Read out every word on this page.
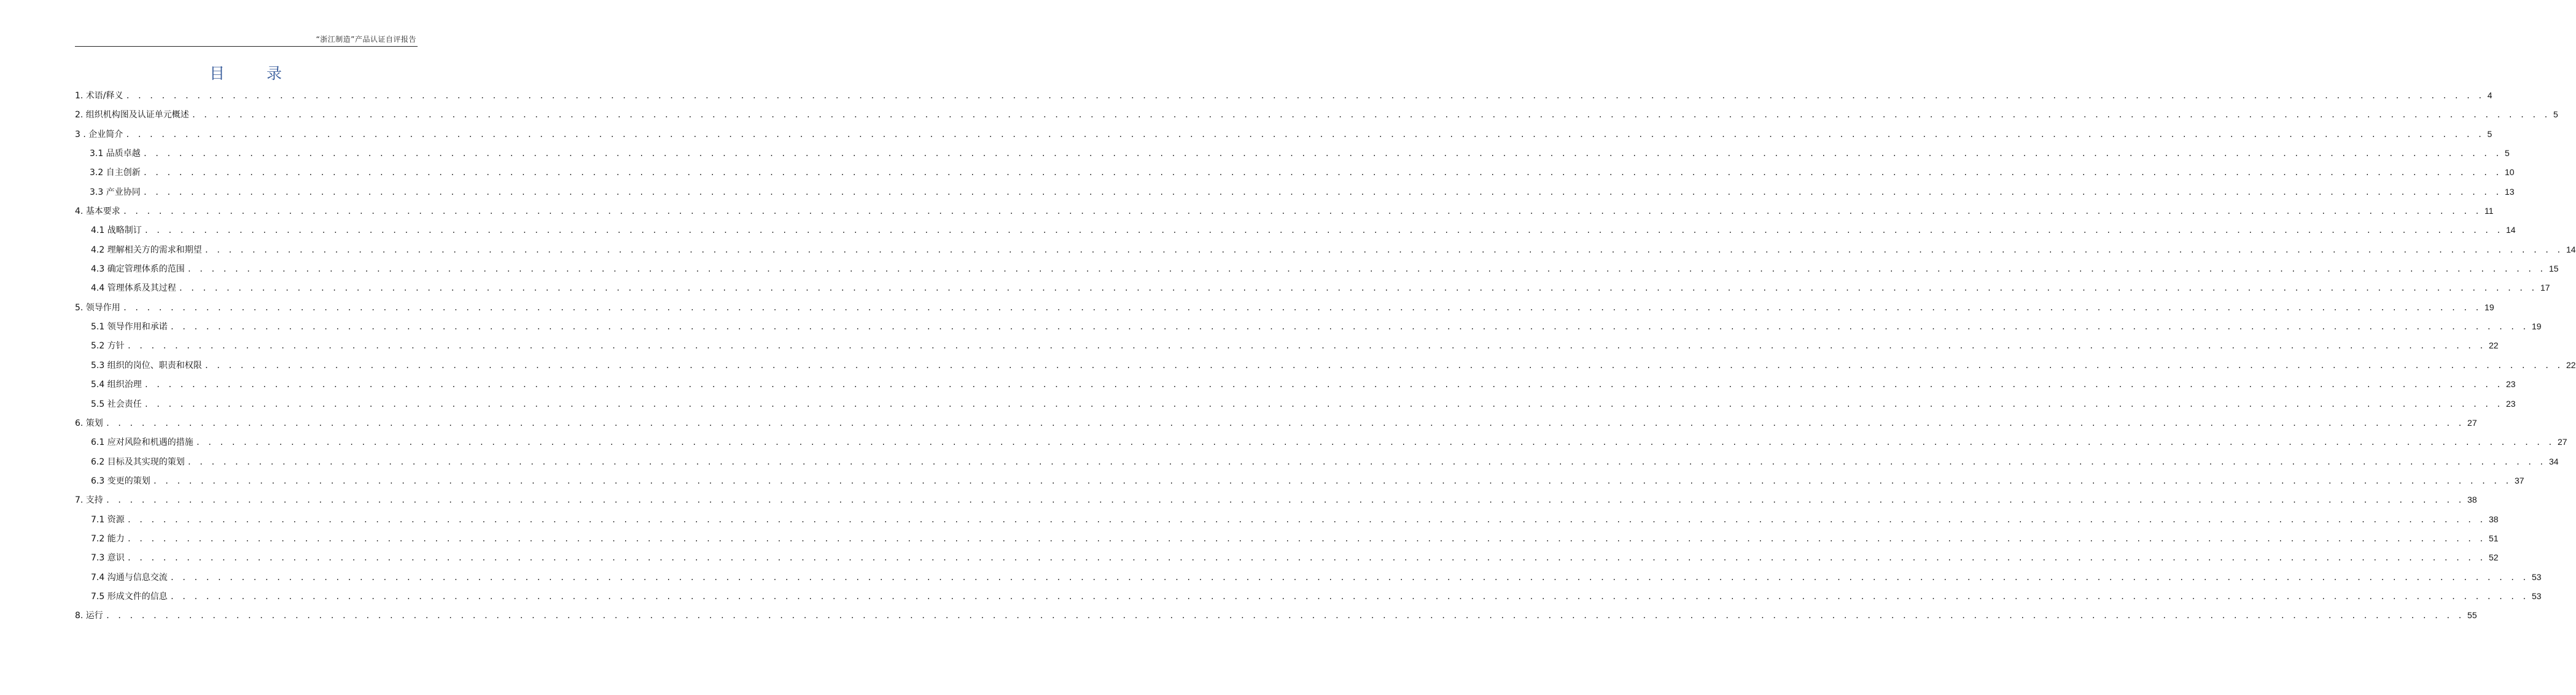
“浙江制造”产品认证自评报告
目	录
1. 术语/释义 . . . . . . . . . . . . . . . . . . . . . . . . . . . . . . . . . . . . . . . . . . . . . . . . . . . . . . . . . . . . . . . . . . . . . . . . . . . . . . . . . . . . . . . . . . . . . . . . . . . . . . . . . . . . . . . . . . . . . . . . . . . . . . . . . . . . . . . . . . . . . . . . . . . . . . . . . . . . . . . . . . . . . . . . . . . . . . . . . . . . . . . . . . . . . . . . . . . . . . . . 4
2. 组织机构图及认证单元概述 . . . . . . . . . . . . . . . . . . . . . . . . . . . . . . . . . . . . . . . . . . . . . . . . . . . . . . . . . . . . . . . . . . . . . . . . . . . . . . . . . . . . . . . . . . . . . . . . . . . . . . . . . . . . . . . . . . . . . . . . . . . . . . . . . . . . . . . . . . . . . . . . . . . . . . . . . . . . . . . . . . . . . . . . . . . . . . . . . . . . . . . . . . . . . . . . . . . . . . . . 5
3 . 企业简介 . . . . . . . . . . . . . . . . . . . . . . . . . . . . . . . . . . . . . . . . . . . . . . . . . . . . . . . . . . . . . . . . . . . . . . . . . . . . . . . . . . . . . . . . . . . . . . . . . . . . . . . . . . . . . . . . . . . . . . . . . . . . . . . . . . . . . . . . . . . . . . . . . . . . . . . . . . . . . . . . . . . . . . . . . . . . . . . . . . . . . . . . . . . . . . . . . . . . . . . . 5
3.1 品质卓越 . . . . . . . . . . . . . . . . . . . . . . . . . . . . . . . . . . . . . . . . . . . . . . . . . . . . . . . . . . . . . . . . . . . . . . . . . . . . . . . . . . . . . . . . . . . . . . . . . . . . . . . . . . . . . . . . . . . . . . . . . . . . . . . . . . . . . . . . . . . . . . . . . . . . . . . . . . . . . . . . . . . . . . . . . . . . . . . . . . . . . . . . . . . . . . . . . . . . . . . . 5
3.2 自主创新 . . . . . . . . . . . . . . . . . . . . . . . . . . . . . . . . . . . . . . . . . . . . . . . . . . . . . . . . . . . . . . . . . . . . . . . . . . . . . . . . . . . . . . . . . . . . . . . . . . . . . . . . . . . . . . . . . . . . . . . . . . . . . . . . . . . . . . . . . . . . . . . . . . . . . . . . . . . . . . . . . . . . . . . . . . . . . . . . . . . . . . . . . . . . . . . . . . . . . . . . 10
3.3 产业协同 . . . . . . . . . . . . . . . . . . . . . . . . . . . . . . . . . . . . . . . . . . . . . . . . . . . . . . . . . . . . . . . . . . . . . . . . . . . . . . . . . . . . . . . . . . . . . . . . . . . . . . . . . . . . . . . . . . . . . . . . . . . . . . . . . . . . . . . . . . . . . . . . . . . . . . . . . . . . . . . . . . . . . . . . . . . . . . . . . . . . . . . . . . . . . . . . . . . . . . . . 13
4. 基本要求 . . . . . . . . . . . . . . . . . . . . . . . . . . . . . . . . . . . . . . . . . . . . . . . . . . . . . . . . . . . . . . . . . . . . . . . . . . . . . . . . . . . . . . . . . . . . . . . . . . . . . . . . . . . . . . . . . . . . . . . . . . . . . . . . . . . . . . . . . . . . . . . . . . . . . . . . . . . . . . . . . . . . . . . . . . . . . . . . . . . . . . . . . . . . . . . . . . . . . . . . 11
4.1 战略制订 . . . . . . . . . . . . . . . . . . . . . . . . . . . . . . . . . . . . . . . . . . . . . . . . . . . . . . . . . . . . . . . . . . . . . . . . . . . . . . . . . . . . . . . . . . . . . . . . . . . . . . . . . . . . . . . . . . . . . . . . . . . . . . . . . . . . . . . . . . . . . . . . . . . . . . . . . . . . . . . . . . . . . . . . . . . . . . . . . . . . . . . . . . . . . . . . . . . . . . . . 14
4.2 理解相关方的需求和期望 . . . . . . . . . . . . . . . . . . . . . . . . . . . . . . . . . . . . . . . . . . . . . . . . . . . . . . . . . . . . . . . . . . . . . . . . . . . . . . . . . . . . . . . . . . . . . . . . . . . . . . . . . . . . . . . . . . . . . . . . . . . . . . . . . . . . . . . . . . . . . . . . . . . . . . . . . . . . . . . . . . . . . . . . . . . . . . . . . . . . . . . . . . . . . . . . . . . . . . . . 14
4.3 确定管理体系的范围 . . . . . . . . . . . . . . . . . . . . . . . . . . . . . . . . . . . . . . . . . . . . . . . . . . . . . . . . . . . . . . . . . . . . . . . . . . . . . . . . . . . . . . . . . . . . . . . . . . . . . . . . . . . . . . . . . . . . . . . . . . . . . . . . . . . . . . . . . . . . . . . . . . . . . . . . . . . . . . . . . . . . . . . . . . . . . . . . . . . . . . . . . . . . . . . . . . . . . . . . 15
4.4 管理体系及其过程 . . . . . . . . . . . . . . . . . . . . . . . . . . . . . . . . . . . . . . . . . . . . . . . . . . . . . . . . . . . . . . . . . . . . . . . . . . . . . . . . . . . . . . . . . . . . . . . . . . . . . . . . . . . . . . . . . . . . . . . . . . . . . . . . . . . . . . . . . . . . . . . . . . . . . . . . . . . . . . . . . . . . . . . . . . . . . . . . . . . . . . . . . . . . . . . . . . . . . . . . 17
5. 领导作用 . . . . . . . . . . . . . . . . . . . . . . . . . . . . . . . . . . . . . . . . . . . . . . . . . . . . . . . . . . . . . . . . . . . . . . . . . . . . . . . . . . . . . . . . . . . . . . . . . . . . . . . . . . . . . . . . . . . . . . . . . . . . . . . . . . . . . . . . . . . . . . . . . . . . . . . . . . . . . . . . . . . . . . . . . . . . . . . . . . . . . . . . . . . . . . . . . . . . . . . . 19
5.1 领导作用和承诺 . . . . . . . . . . . . . . . . . . . . . . . . . . . . . . . . . . . . . . . . . . . . . . . . . . . . . . . . . . . . . . . . . . . . . . . . . . . . . . . . . . . . . . . . . . . . . . . . . . . . . . . . . . . . . . . . . . . . . . . . . . . . . . . . . . . . . . . . . . . . . . . . . . . . . . . . . . . . . . . . . . . . . . . . . . . . . . . . . . . . . . . . . . . . . . . . . . . . . . . . 19
5.2 方针 . . . . . . . . . . . . . . . . . . . . . . . . . . . . . . . . . . . . . . . . . . . . . . . . . . . . . . . . . . . . . . . . . . . . . . . . . . . . . . . . . . . . . . . . . . . . . . . . . . . . . . . . . . . . . . . . . . . . . . . . . . . . . . . . . . . . . . . . . . . . . . . . . . . . . . . . . . . . . . . . . . . . . . . . . . . . . . . . . . . . . . . . . . . . . . . . . . . . . . . . 22
5.3 组织的岗位、职责和权限 . . . . . . . . . . . . . . . . . . . . . . . . . . . . . . . . . . . . . . . . . . . . . . . . . . . . . . . . . . . . . . . . . . . . . . . . . . . . . . . . . . . . . . . . . . . . . . . . . . . . . . . . . . . . . . . . . . . . . . . . . . . . . . . . . . . . . . . . . . . . . . . . . . . . . . . . . . . . . . . . . . . . . . . . . . . . . . . . . . . . . . . . . . . . . . . . . . . . . . . . 22
5.4 组织治理 . . . . . . . . . . . . . . . . . . . . . . . . . . . . . . . . . . . . . . . . . . . . . . . . . . . . . . . . . . . . . . . . . . . . . . . . . . . . . . . . . . . . . . . . . . . . . . . . . . . . . . . . . . . . . . . . . . . . . . . . . . . . . . . . . . . . . . . . . . . . . . . . . . . . . . . . . . . . . . . . . . . . . . . . . . . . . . . . . . . . . . . . . . . . . . . . . . . . . . . . 23
5.5 社会责任 . . . . . . . . . . . . . . . . . . . . . . . . . . . . . . . . . . . . . . . . . . . . . . . . . . . . . . . . . . . . . . . . . . . . . . . . . . . . . . . . . . . . . . . . . . . . . . . . . . . . . . . . . . . . . . . . . . . . . . . . . . . . . . . . . . . . . . . . . . . . . . . . . . . . . . . . . . . . . . . . . . . . . . . . . . . . . . . . . . . . . . . . . . . . . . . . . . . . . . . . 23
6. 策划 . . . . . . . . . . . . . . . . . . . . . . . . . . . . . . . . . . . . . . . . . . . . . . . . . . . . . . . . . . . . . . . . . . . . . . . . . . . . . . . . . . . . . . . . . . . . . . . . . . . . . . . . . . . . . . . . . . . . . . . . . . . . . . . . . . . . . . . . . . . . . . . . . . . . . . . . . . . . . . . . . . . . . . . . . . . . . . . . . . . . . . . . . . . . . . . . . . . . . . . . 27
6.1 应对风险和机遇的措施 . . . . . . . . . . . . . . . . . . . . . . . . . . . . . . . . . . . . . . . . . . . . . . . . . . . . . . . . . . . . . . . . . . . . . . . . . . . . . . . . . . . . . . . . . . . . . . . . . . . . . . . . . . . . . . . . . . . . . . . . . . . . . . . . . . . . . . . . . . . . . . . . . . . . . . . . . . . . . . . . . . . . . . . . . . . . . . . . . . . . . . . . . . . . . . . . . . . . . . . . 27
6.2 目标及其实现的策划 . . . . . . . . . . . . . . . . . . . . . . . . . . . . . . . . . . . . . . . . . . . . . . . . . . . . . . . . . . . . . . . . . . . . . . . . . . . . . . . . . . . . . . . . . . . . . . . . . . . . . . . . . . . . . . . . . . . . . . . . . . . . . . . . . . . . . . . . . . . . . . . . . . . . . . . . . . . . . . . . . . . . . . . . . . . . . . . . . . . . . . . . . . . . . . . . . . . . . . . . 34
6.3 变更的策划 . . . . . . . . . . . . . . . . . . . . . . . . . . . . . . . . . . . . . . . . . . . . . . . . . . . . . . . . . . . . . . . . . . . . . . . . . . . . . . . . . . . . . . . . . . . . . . . . . . . . . . . . . . . . . . . . . . . . . . . . . . . . . . . . . . . . . . . . . . . . . . . . . . . . . . . . . . . . . . . . . . . . . . . . . . . . . . . . . . . . . . . . . . . . . . . . . . . . . . . . 37
7. 支持 . . . . . . . . . . . . . . . . . . . . . . . . . . . . . . . . . . . . . . . . . . . . . . . . . . . . . . . . . . . . . . . . . . . . . . . . . . . . . . . . . . . . . . . . . . . . . . . . . . . . . . . . . . . . . . . . . . . . . . . . . . . . . . . . . . . . . . . . . . . . . . . . . . . . . . . . . . . . . . . . . . . . . . . . . . . . . . . . . . . . . . . . . . . . . . . . . . . . . . . . 38
7.1 资源 . . . . . . . . . . . . . . . . . . . . . . . . . . . . . . . . . . . . . . . . . . . . . . . . . . . . . . . . . . . . . . . . . . . . . . . . . . . . . . . . . . . . . . . . . . . . . . . . . . . . . . . . . . . . . . . . . . . . . . . . . . . . . . . . . . . . . . . . . . . . . . . . . . . . . . . . . . . . . . . . . . . . . . . . . . . . . . . . . . . . . . . . . . . . . . . . . . . . . . . . 38
7.2 能力 . . . . . . . . . . . . . . . . . . . . . . . . . . . . . . . . . . . . . . . . . . . . . . . . . . . . . . . . . . . . . . . . . . . . . . . . . . . . . . . . . . . . . . . . . . . . . . . . . . . . . . . . . . . . . . . . . . . . . . . . . . . . . . . . . . . . . . . . . . . . . . . . . . . . . . . . . . . . . . . . . . . . . . . . . . . . . . . . . . . . . . . . . . . . . . . . . . . . . . . . 51
7.3 意识 . . . . . . . . . . . . . . . . . . . . . . . . . . . . . . . . . . . . . . . . . . . . . . . . . . . . . . . . . . . . . . . . . . . . . . . . . . . . . . . . . . . . . . . . . . . . . . . . . . . . . . . . . . . . . . . . . . . . . . . . . . . . . . . . . . . . . . . . . . . . . . . . . . . . . . . . . . . . . . . . . . . . . . . . . . . . . . . . . . . . . . . . . . . . . . . . . . . . . . . . 52
7.4 沟通与信息交流 . . . . . . . . . . . . . . . . . . . . . . . . . . . . . . . . . . . . . . . . . . . . . . . . . . . . . . . . . . . . . . . . . . . . . . . . . . . . . . . . . . . . . . . . . . . . . . . . . . . . . . . . . . . . . . . . . . . . . . . . . . . . . . . . . . . . . . . . . . . . . . . . . . . . . . . . . . . . . . . . . . . . . . . . . . . . . . . . . . . . . . . . . . . . . . . . . . . . . . . . 53
7.5 形成文件的信息 . . . . . . . . . . . . . . . . . . . . . . . . . . . . . . . . . . . . . . . . . . . . . . . . . . . . . . . . . . . . . . . . . . . . . . . . . . . . . . . . . . . . . . . . . . . . . . . . . . . . . . . . . . . . . . . . . . . . . . . . . . . . . . . . . . . . . . . . . . . . . . . . . . . . . . . . . . . . . . . . . . . . . . . . . . . . . . . . . . . . . . . . . . . . . . . . . . . . . . . . 53
8. 运行 . . . . . . . . . . . . . . . . . . . . . . . . . . . . . . . . . . . . . . . . . . . . . . . . . . . . . . . . . . . . . . . . . . . . . . . . . . . . . . . . . . . . . . . . . . . . . . . . . . . . . . . . . . . . . . . . . . . . . . . . . . . . . . . . . . . . . . . . . . . . . . . . . . . . . . . . . . . . . . . . . . . . . . . . . . . . . . . . . . . . . . . . . . . . . . . . . . . . . . . . 55
